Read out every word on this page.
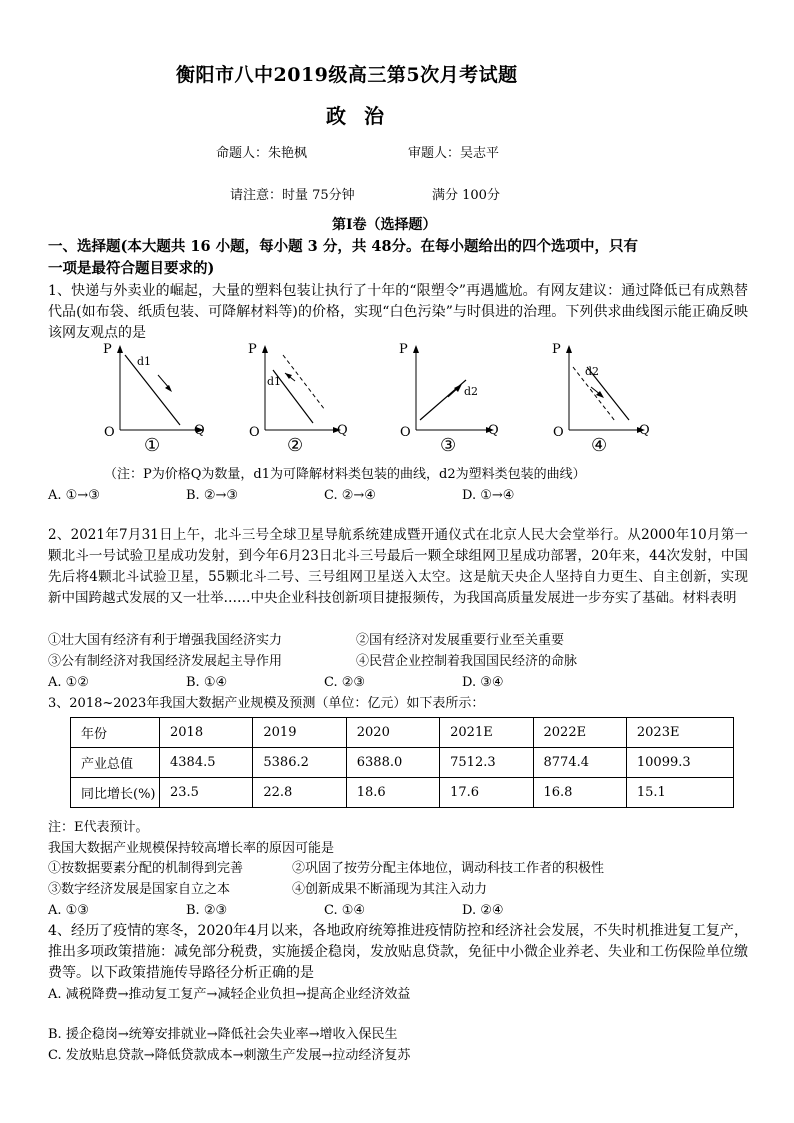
衡阳市八中2019级高三第5次月考试题
政治
命题人：朱艳枫	审题人：吴志平
请注意：时量 75分钟	满分 100分
第Ⅰ卷（选择题）
一、选择题(本大题共 16 小题，每小题 3 分，共 48分。在每小题给出的四个选项中，只有
一项是最符合题目要求的)
1、快递与外卖业的崛起，大量的塑料包装让执行了十年的“限塑令”再遇尴尬。有网友建议：通过降低已有成熟替代品(如布袋、纸质包装、可降解材料等)的价格，实现“白色污染”与时俱进的治理。下列供求曲线图示能正确反映该网友观点的是
P
O	Q
d1
①
P
O	Q
d1
②
P
O	Q
d2
③
P
O	Q
d2
④
（注：P为价格Q为数量，d1为可降解材料类包装的曲线，d2为塑料类包装的曲线）
A. ①→③	B. ②→③	C. ②→④	D. ①→④
2、2021年7月31日上午，北斗三号全球卫星导航系统建成暨开通仪式在北京人民大会堂举行。从2000年10月第一颗北斗一号试验卫星成功发射，到今年6月23日北斗三号最后一颗全球组网卫星成功部署，20年来，44次发射，中国先后将4颗北斗试验卫星，55颗北斗二号、三号组网卫星送入太空。这是航天央企人坚持自力更生、自主创新，实现新中国跨越式发展的又一壮举……中央企业科技创新项目捷报频传，为我国高质量发展进一步夯实了基础。材料表明
①壮大国有经济有利于增强我国经济实力	②国有经济对发展重要行业至关重要
③公有制经济对我国经济发展起主导作用	④民营企业控制着我国国民经济的命脉
A. ①②	B. ①④	C. ②③	D. ③④
3、2018~2023年我国大数据产业规模及预测（单位：亿元）如下表所示：
年份	2018	2019	2020	2021E	2022E	2023E
产业总值	4384.5	5386.2	6388.0	7512.3	8774.4	10099.3
同比增长(%)	23.5	22.8	18.6	17.6	16.8	15.1
注：E代表预计。
我国大数据产业规模保持较高增长率的原因可能是
①按数据要素分配的机制得到完善	②巩固了按劳分配主体地位，调动科技工作者的积极性
③数字经济发展是国家自立之本	④创新成果不断涌现为其注入动力
A. ①③	B. ②③	C. ①④	D. ②④
4、经历了疫情的寒冬，2020年4月以来，各地政府统筹推进疫情防控和经济社会发展，不失时机推进复工复产，推出多项政策措施：减免部分税费，实施援企稳岗，发放贴息贷款，免征中小微企业养老、失业和工伤保险单位缴费等。以下政策措施传导路径分析正确的是
A. 减税降费→推动复工复产→减轻企业负担→提高企业经济效益
B. 援企稳岗→统筹安排就业→降低社会失业率→增收入保民生
C. 发放贴息贷款→降低贷款成本→刺激生产发展→拉动经济复苏
